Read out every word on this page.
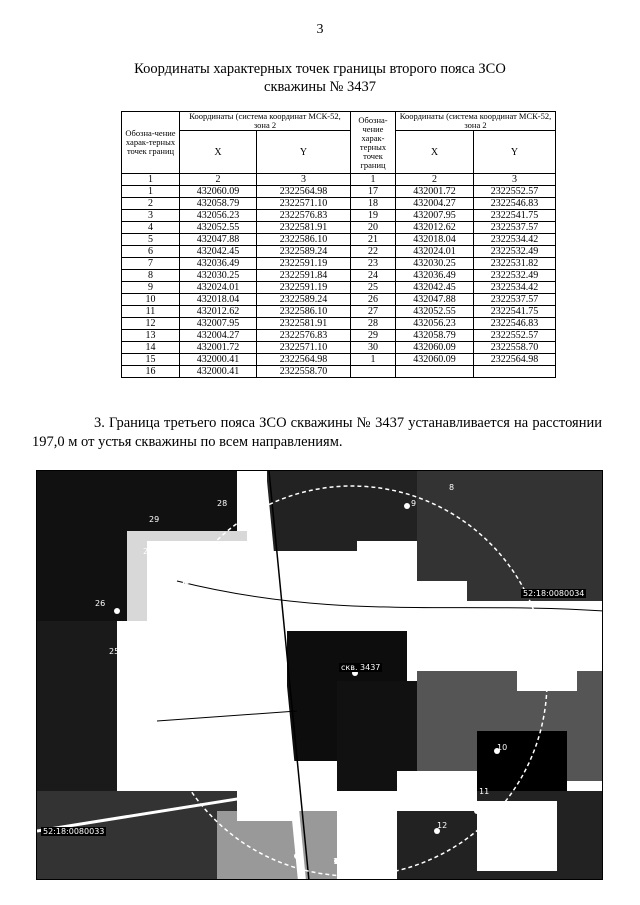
3
Координаты характерных точек границы второго пояса ЗСО
скважины № 3437
Обозна-чение харак-терных точек границ	Координаты (система координат МСК-52, зона 2		Обозна-чение харак-терных точек границ	Координаты (система координат МСК-52, зона 2	
	X	Y		X	Y
1	2	3	1	2	3
1	432060.09	2322564.98	17	432001.72	2322552.57
2	432058.79	2322571.10	18	432004.27	2322546.83
3	432056.23	2322576.83	19	432007.95	2322541.75
4	432052.55	2322581.91	20	432012.62	2322537.57
5	432047.88	2322586.10	21	432018.04	2322534.42
6	432042.45	2322589.24	22	432024.01	2322532.49
7	432036.49	2322591.19	23	432030.25	2322531.82
8	432030.25	2322591.84	24	432036.49	2322532.49
9	432024.01	2322591.19	25	432042.45	2322534.42
10	432018.04	2322589.24	26	432047.88	2322537.57
11	432012.62	2322586.10	27	432052.55	2322541.75
12	432007.95	2322581.91	28	432056.23	2322546.83
13	432004.27	2322576.83	29	432058.79	2322552.57
14	432001.72	2322571.10	30	432060.09	2322558.70
15	432000.41	2322564.98	1	432060.09	2322564.98
16	432000.41	2322558.70			
3. Граница третьего пояса ЗСО скважины № 3437 устанавливается на расстоянии 197,0 м от устья скважины по всем направлениям.
28
29
27
26
25
24
23
9
10
11
12
13
14
8
скв. 3437
52:18:0080034
52:18:0080033
